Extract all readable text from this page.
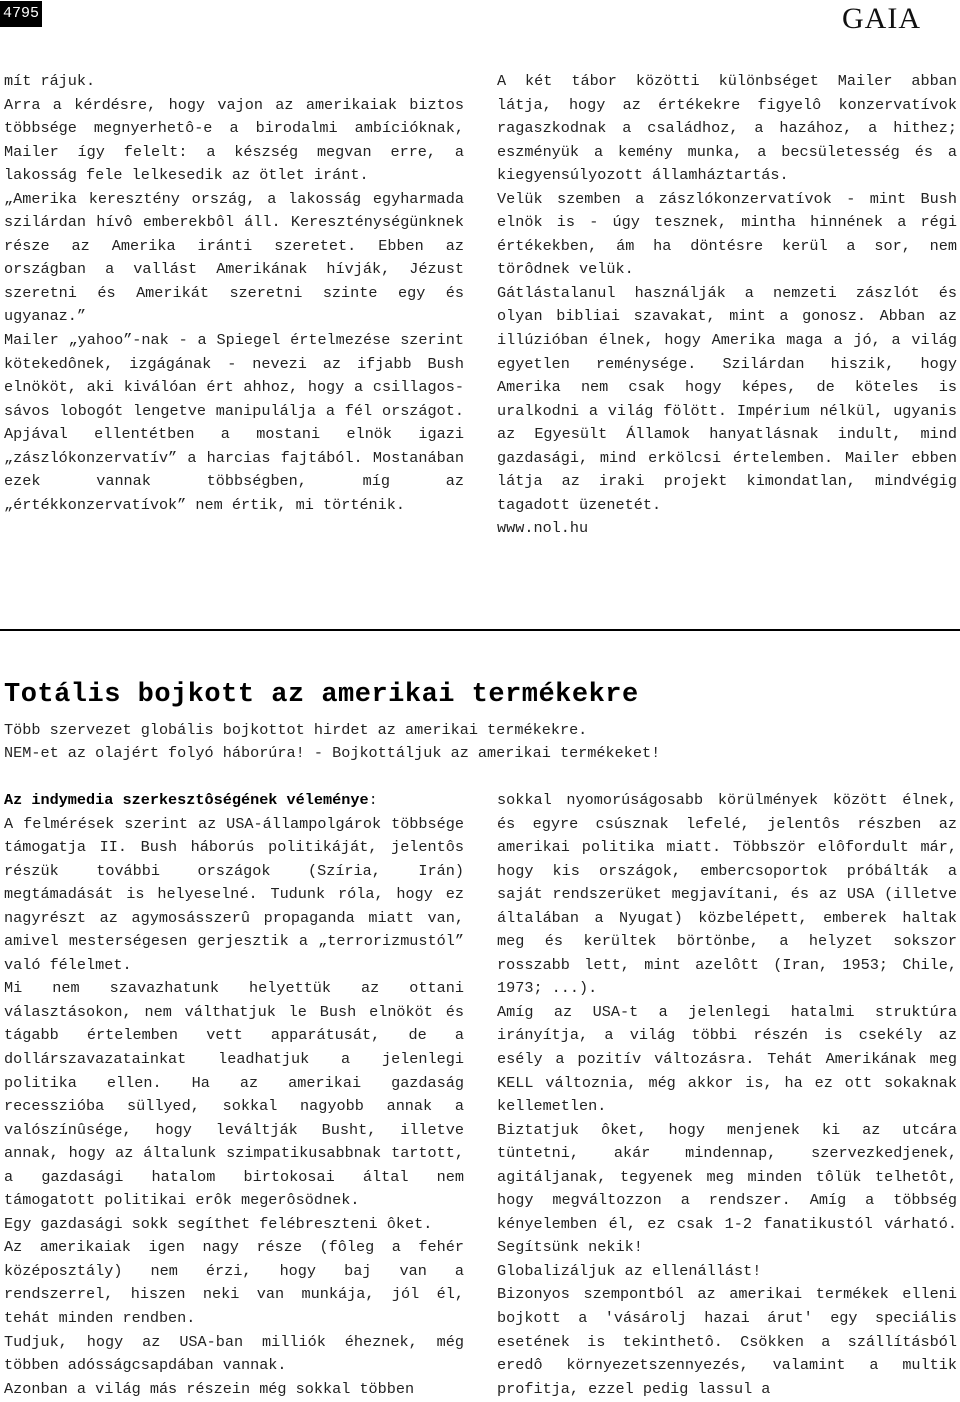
4795	GAIA

mít rájuk.

Arra a kérdésre, hogy vajon az amerikaiak biztos többsége megnyerhetô-e a birodalmi ambícióknak, Mailer így felelt: a készség megvan erre, a lakosság fele lelkesedik az ötlet iránt.

„Amerika keresztény ország, a lakosság egyharmada szilárdan hívô emberekbôl áll. Kereszténységünknek része az Amerika iránti szeretet. Ebben az országban a vallást Amerikának hívják, Jézust szeretni és Amerikát szeretni szinte egy és ugyanaz.”

Mailer „yahoo”-nak - a Spiegel értelmezése szerint kötekedônek, izgágának - nevezi az ifjabb Bush elnököt, aki kiválóan ért ahhoz, hogy a csillagos-sávos lobogót lengetve manipulálja a fél országot. Apjával ellentétben a mostani elnök igazi „zászlókonzervatív” a harcias fajtából. Mostanában ezek vannak többségben, míg az „értékkonzervatívok” nem értik, mi történik.

A két tábor közötti különbséget Mailer abban látja, hogy az értékekre figyelô konzervatívok ragaszkodnak a családhoz, a hazához, a hithez; eszményük a kemény munka, a becsületesség és a kiegyensúlyozott államháztartás.

Velük szemben a zászlókonzervatívok - mint Bush elnök is - úgy tesznek, mintha hinnének a régi értékekben, ám ha döntésre kerül a sor, nem törôdnek velük.

Gátlástalanul használják a nemzeti zászlót és olyan bibliai szavakat, mint a gonosz. Abban az illúzióban élnek, hogy Amerika maga a jó, a világ egyetlen reménysége. Szilárdan hiszik, hogy Amerika nem csak hogy képes, de köteles is uralkodni a világ fölött. Impérium nélkül, ugyanis az Egyesült Államok hanyatlásnak indult, mind gazdasági, mind erkölcsi értelemben. Mailer ebben látja az iraki projekt kimondatlan, mindvégig tagadott üzenetét.

www.nol.hu

Totális bojkott az amerikai termékekre

Több szervezet globális bojkottot hirdet az amerikai termékekre.

NEM-et az olajért folyó háborúra! - Bojkottáljuk az amerikai termékeket!

Az indymedia szerkesztôségének véleménye:

A felmérések szerint az USA-állampolgárok többsége támogatja II. Bush háborús politikáját, jelentôs részük további országok (Szíria, Irán) megtámadását is helyeselné. Tudunk róla, hogy ez nagyrészt az agymosásszerû propaganda miatt van, amivel mesterségesen gerjesztik a „terrorizmustól” való félelmet.

Mi nem szavazhatunk helyettük az ottani választásokon, nem válthatjuk le Bush elnököt és tágabb értelemben vett apparátusát, de a dollárszavazatainkat leadhatjuk a jelenlegi politika ellen. Ha az amerikai gazdaság recesszióba süllyed, sokkal nagyobb annak a valószínûsége, hogy leváltják Busht, illetve annak, hogy az általunk szimpatikusabbnak tartott, a gazdasági hatalom birtokosai által nem támogatott politikai erôk megerôsödnek.

Egy gazdasági sokk segíthet felébreszteni ôket.

Az amerikaiak igen nagy része (fôleg a fehér középosztály) nem érzi, hogy baj van a rendszerrel, hiszen neki van munkája, jól él, tehát minden rendben.

Tudjuk, hogy az USA-ban milliók éheznek, még többen adósságcsapdában vannak.

Azonban a világ más részein még sokkal többen

sokkal nyomorúságosabb körülmények között élnek, és egyre csúsznak lefelé, jelentôs részben az amerikai politika miatt. Többször elôfordult már, hogy kis országok, embercsoportok próbálták a saját rendszerüket megjavítani, és az USA (illetve általában a Nyugat) közbelépett, emberek haltak meg és kerültek börtönbe, a helyzet sokszor rosszabb lett, mint azelôtt (Iran, 1953; Chile, 1973; ...).

Amíg az USA-t a jelenlegi hatalmi struktúra irányítja, a világ többi részén is csekély az esély a pozitív változásra. Tehát Amerikának meg KELL változnia, még akkor is, ha ez ott sokaknak kellemetlen.

Biztatjuk ôket, hogy menjenek ki az utcára tüntetni, akár mindennap, szervezkedjenek, agitáljanak, tegyenek meg minden tôlük telhetôt, hogy megváltozzon a rendszer. Amíg a többség kényelemben él, ez csak 1-2 fanatikustól várható. Segítsünk nekik!

Globalizáljuk az ellenállást!

Bizonyos szempontból az amerikai termékek elleni bojkott a 'vásárolj hazai árut' egy speciális esetének is tekinthetô. Csökken a szállításból eredô környezetszennyezés, valamint a multik profitja, ezzel pedig lassul a
